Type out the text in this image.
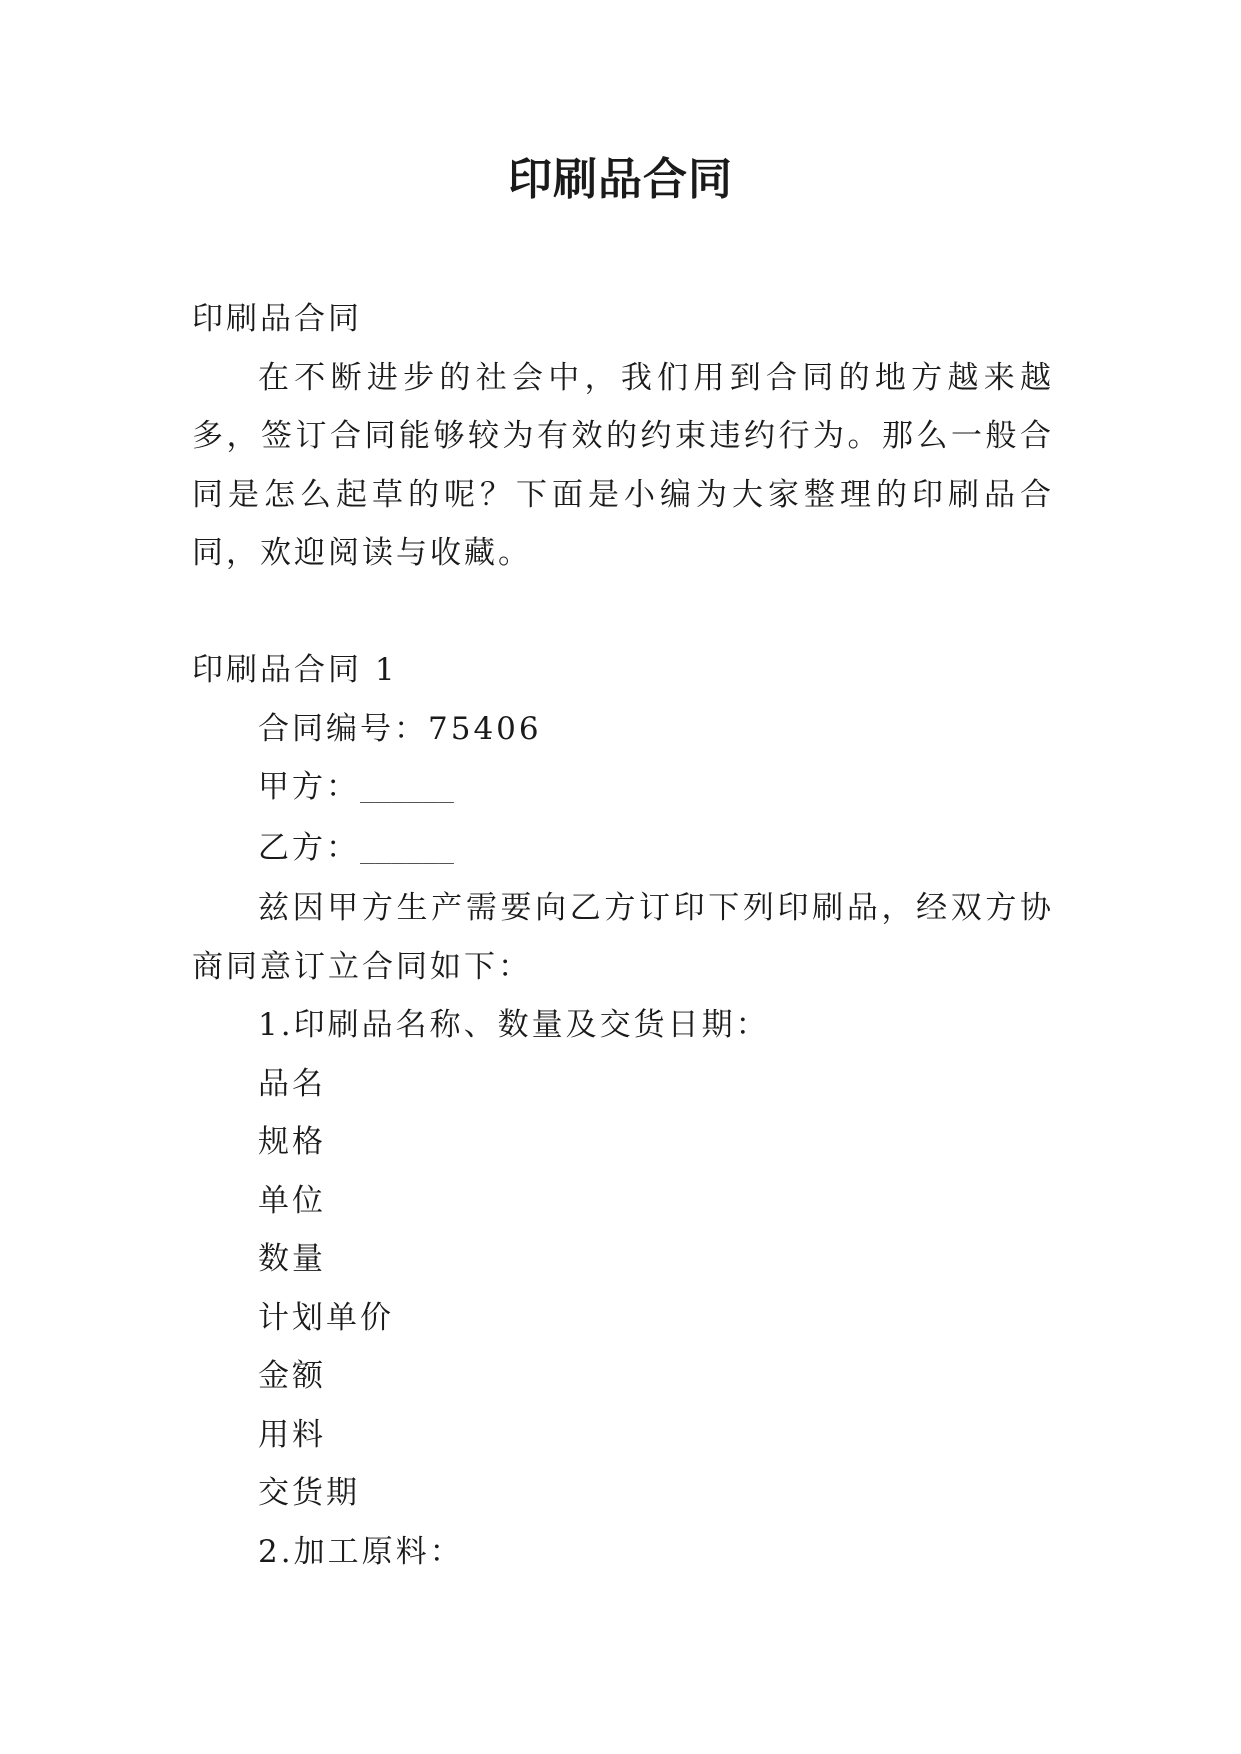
印刷品合同

印刷品合同

在不断进步的社会中，我们用到合同的地方越来越多，签订合同能够较为有效的约束违约行为。那么一般合同是怎么起草的呢？下面是小编为大家整理的印刷品合同，欢迎阅读与收藏。

印刷品合同 1

合同编号：75406

甲方：______

乙方：______

兹因甲方生产需要向乙方订印下列印刷品，经双方协商同意订立合同如下：

1.印刷品名称、数量及交货日期：

品名

规格

单位

数量

计划单价

金额

用料

交货期

2.加工原料：
